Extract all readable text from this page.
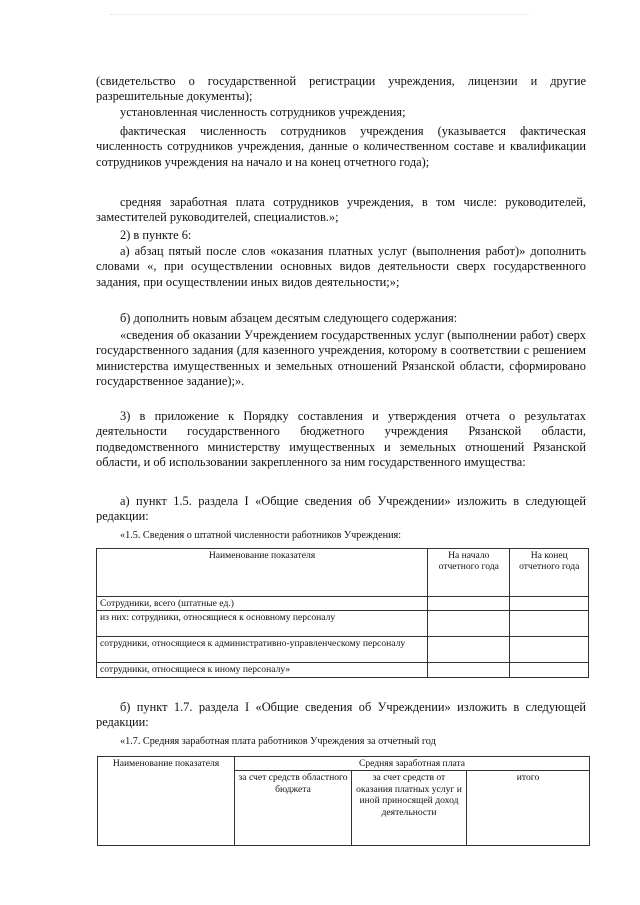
(свидетельство о государственной регистрации учреждения, лицензии и другие разрешительные документы);

установленная численность сотрудников учреждения;

фактическая численность сотрудников учреждения (указывается фактическая численность сотрудников учреждения, данные о количественном составе и квалификации сотрудников учреждения на начало и на конец отчетного года);

средняя заработная плата сотрудников учреждения, в том числе: руководителей, заместителей руководителей, специалистов.»;

2) в пункте 6:

а) абзац пятый после слов «оказания платных услуг (выполнения работ)» дополнить словами «, при осуществлении основных видов деятельности сверх государственного задания, при осуществлении иных видов деятельности;»;

б) дополнить новым абзацем десятым следующего содержания:

«сведения об оказании Учреждением государственных услуг (выполнении работ) сверх государственного задания (для казенного учреждения, которому в соответствии с решением министерства имущественных и земельных отношений Рязанской области, сформировано государственное задание);».

3) в приложение к Порядку составления и утверждения отчета о результатах деятельности государственного бюджетного учреждения Рязанской области, подведомственного министерству имущественных и земельных отношений Рязанской области, и об использовании закрепленного за ним государственного имущества:

а) пункт 1.5. раздела I «Общие сведения об Учреждении» изложить в следующей редакции:

«1.5. Сведения о штатной численности работников Учреждения:

Наименование показателя	На начало отчетного года	На конец отчетного года
Сотрудники, всего (штатные ед.)		
из них: сотрудники, относящиеся к основному персоналу		
сотрудники, относящиеся к административно-управленческому персоналу		
сотрудники, относящиеся к иному персоналу»		

б) пункт 1.7. раздела I «Общие сведения об Учреждении» изложить в следующей редакции:

«1.7. Средняя заработная плата работников Учреждения за отчетный год

Наименование показателя	Средняя заработная плата		
	за счет средств областного бюджета	за счет средств от оказания платных услуг и иной приносящей доход деятельности	итого
